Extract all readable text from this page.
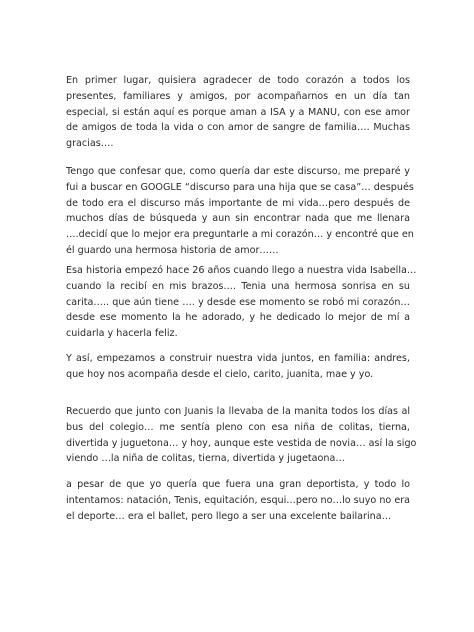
En primer lugar, quisiera agradecer de todo corazón a todos los
presentes, familiares y amigos, por acompañarnos en un día tan
especial, si están aquí es porque aman a ISA y a MANU, con ese amor
de amigos de toda la vida o con amor de sangre de familia…. Muchas
gracias….

Tengo que confesar que, como quería dar este discurso, me preparé y
fui a buscar en GOOGLE “discurso para una hija que se casa”… después
de todo era el discurso más importante de mi vida…pero después de
muchos días de búsqueda y aun sin encontrar nada que me llenara
….decidí que lo mejor era preguntarle a mi corazón… y encontré que en
él guardo una hermosa historia de amor……

Esa historia empezó hace 26 años cuando llego a nuestra vida Isabella…
cuando la recibí en mis brazos…. Tenia una hermosa sonrisa en su
carita….. que aún tiene …. y desde ese momento se robó mi corazón…
desde ese momento la he adorado, y he dedicado lo mejor de mí a
cuidarla y hacerla feliz.

Y así, empezamos a construir nuestra vida juntos, en familia: andres,
que hoy nos acompaña desde el cielo, carito, juanita, mae y yo.

Recuerdo que junto con Juanis la llevaba de la manita todos los días al
bus del colegio… me sentía pleno con esa niña de colitas, tierna,
divertida y juguetona… y hoy, aunque este vestida de novia… así la sigo
viendo …la niña de colitas, tierna, divertida y jugetaona…

a pesar de que yo quería que fuera una gran deportista, y todo lo
intentamos: natación, Tenis, equitación, esqui…pero no…lo suyo no era
el deporte… era el ballet, pero llego a ser una excelente bailarina…
